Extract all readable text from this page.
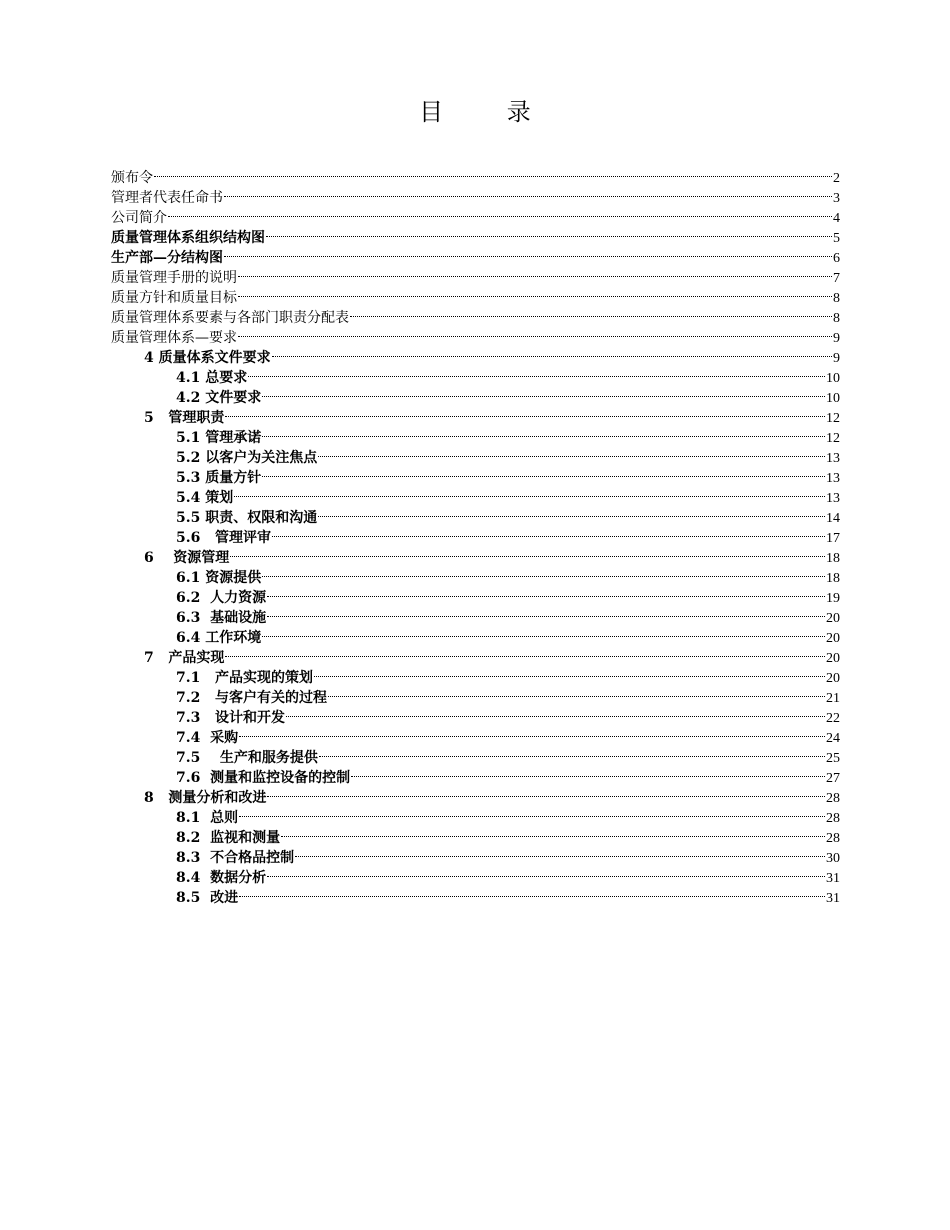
目 录
颁布令	2
管理者代表任命书	3
公司简介	4
质量管理体系组织结构图	5
生产部—分结构图	6
质量管理手册的说明	7
质量方针和质量目标	8
质量管理体系要素与各部门职责分配表	8
质量管理体系—要求	9
4 质量体系文件要求	9
4.1 总要求	10
4.2 文件要求	10
5   管理职责	12
5.1 管理承诺	12
5.2 以客户为关注焦点	13
5.3 质量方针	13
5.4 策划	13
5.5 职责、权限和沟通	14
5.6   管理评审	17
6    资源管理	18
6.1 资源提供	18
6.2  人力资源	19
6.3  基础设施	20
6.4 工作环境	20
7   产品实现	20
7.1   产品实现的策划	20
7.2   与客户有关的过程	21
7.3   设计和开发	22
7.4  采购	24
7.5    生产和服务提供	25
7.6  测量和监控设备的控制	27
8   测量分析和改进	28
8.1  总则	28
8.2  监视和测量	28
8.3  不合格品控制	30
8.4  数据分析	31
8.5  改进	31
